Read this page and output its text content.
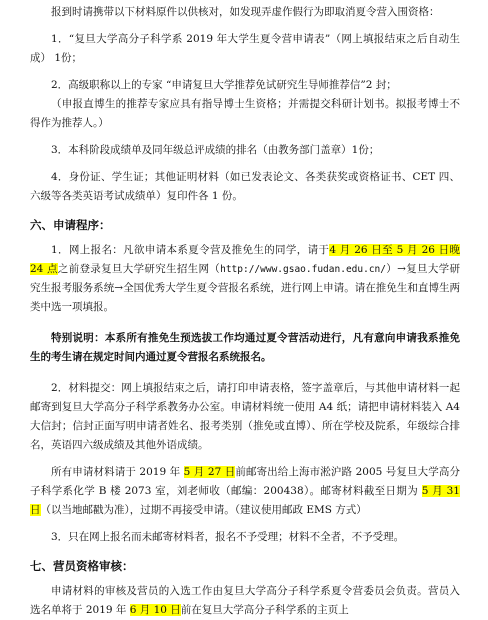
报到时请携带以下材料原件以供核对，如发现弄虚作假行为即取消夏令营入围资格：

1．“复旦大学高分子科学系 2019 年大学生夏令营申请表”（网上填报结束之后自动生成） 1份；

2．高级职称以上的专家 “申请复旦大学推荐免试研究生导师推荐信”2 封；

（申报直博生的推荐专家应具有指导博士生资格；并需提交科研计划书。拟报考博士不得作为推荐人。）

3．本科阶段成绩单及同年级总评成绩的排名（由教务部门盖章）1份；

4．身份证、学生证；其他证明材料（如已发表论文、各类获奖或资格证书、CET 四、六级等各类英语考试成绩单）复印件各 1 份。

六、申请程序：

1．网上报名：凡欲申请本系夏令营及推免生的同学，请于4 月 26 日至 5 月 26 日晚 24 点之前登录复旦大学研究生招生网（http://www.gsao.fudan.edu.cn/）→复旦大学研究生报考服务系统→全国优秀大学生夏令营报名系统，进行网上申请。请在推免生和直博生两类中选一项填报。

特别说明：本系所有推免生预选拔工作均通过夏令营活动进行，凡有意向申请我系推免生的考生请在规定时间内通过夏令营报名系统报名。

2．材料提交：网上填报结束之后，请打印申请表格，签字盖章后，与其他申请材料一起邮寄到复旦大学高分子科学系教务办公室。申请材料统一使用 A4 纸；请把申请材料装入 A4 大信封；信封正面写明申请者姓名、报考类别（推免或直博）、所在学校及院系，年级综合排名，英语四六级成绩及其他外语成绩。

所有申请材料请于 2019 年 5 月 27 日前邮寄出给上海市淞沪路 2005 号复旦大学高分子科学系化学 B 楼 2073 室，刘老师收（邮编：200438）。邮寄材料截至日期为 5 月 31 日（以当地邮戳为准），过期不再接受申请。（建议使用邮政 EMS 方式）

3．只在网上报名而未邮寄材料者，报名不予受理；材料不全者，不予受理。

七、营员资格审核：

申请材料的审核及营员的入选工作由复旦大学高分子科学系夏令营委员会负责。营员入选名单将于 2019 年 6 月 10 日前在复旦大学高分子科学系的主页上
